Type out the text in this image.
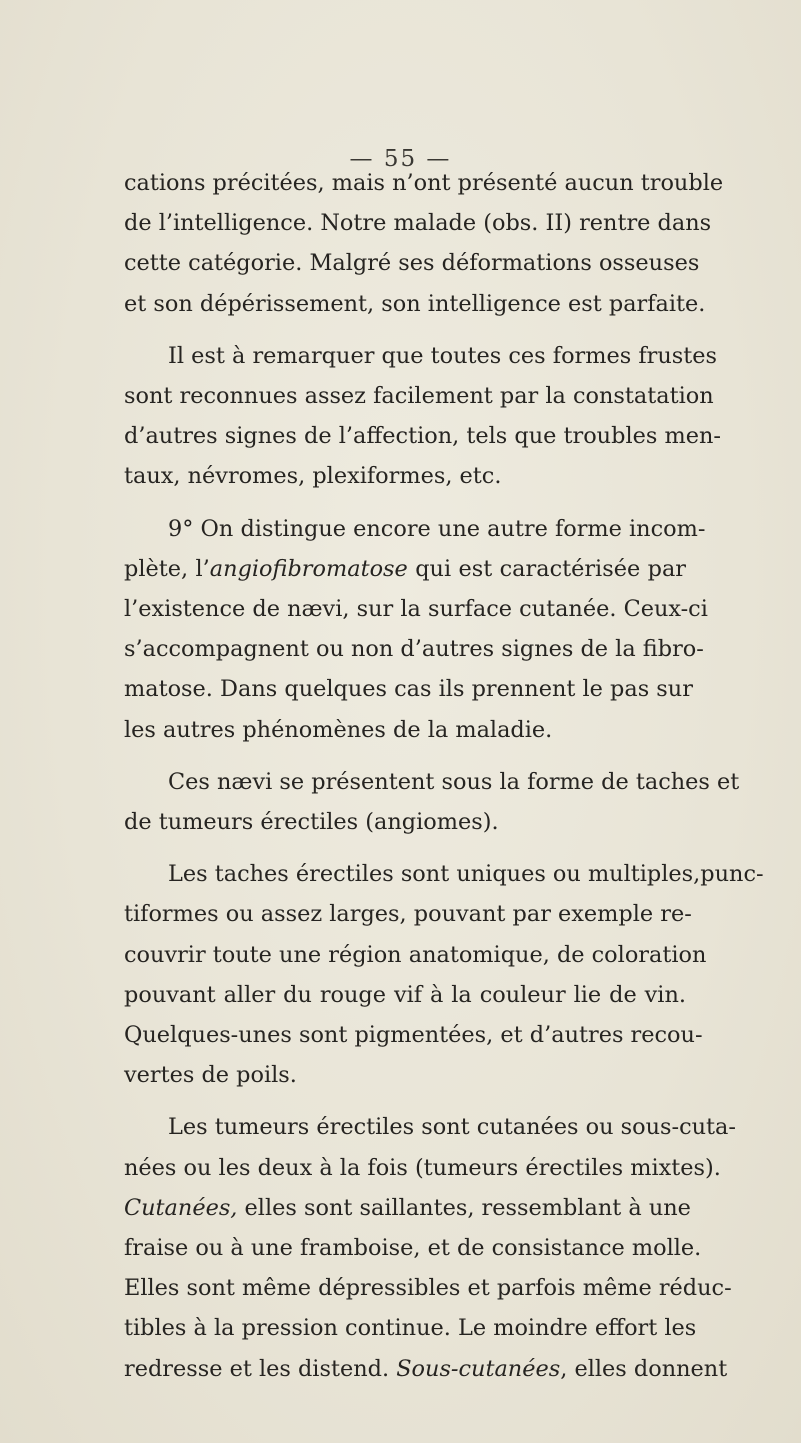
— 55 —

cations précitées, mais n’ont présenté aucun trouble
de l’intelligence. Notre malade (obs. II) rentre dans
cette catégorie. Malgré ses déformations osseuses
et son dépérissement, son intelligence est parfaite.

Il est à remarquer que toutes ces formes frustes
sont reconnues assez facilement par la constatation
d’autres signes de l’affection, tels que troubles men-
taux, névromes, plexiformes, etc.

9° On distingue encore une autre forme incom-
plète, l’angiofibromatose qui est caractérisée par
l’existence de nævi, sur la surface cutanée. Ceux-ci
s’accompagnent ou non d’autres signes de la fibro-
matose. Dans quelques cas ils prennent le pas sur
les autres phénomènes de la maladie.

Ces nævi se présentent sous la forme de taches et
de tumeurs érectiles (angiomes).

Les taches érectiles sont uniques ou multiples,punc-
tiformes ou assez larges, pouvant par exemple re-
couvrir toute une région anatomique, de coloration
pouvant aller du rouge vif à la couleur lie de vin.
Quelques-unes sont pigmentées, et d’autres recou-
vertes de poils.

Les tumeurs érectiles sont cutanées ou sous-cuta-
nées ou les deux à la fois (tumeurs érectiles mixtes).
Cutanées, elles sont saillantes, ressemblant à une
fraise ou à une framboise, et de consistance molle.
Elles sont même dépressibles et parfois même réduc-
tibles à la pression continue. Le moindre effort les
redresse et les distend. Sous-cutanées, elles donnent
